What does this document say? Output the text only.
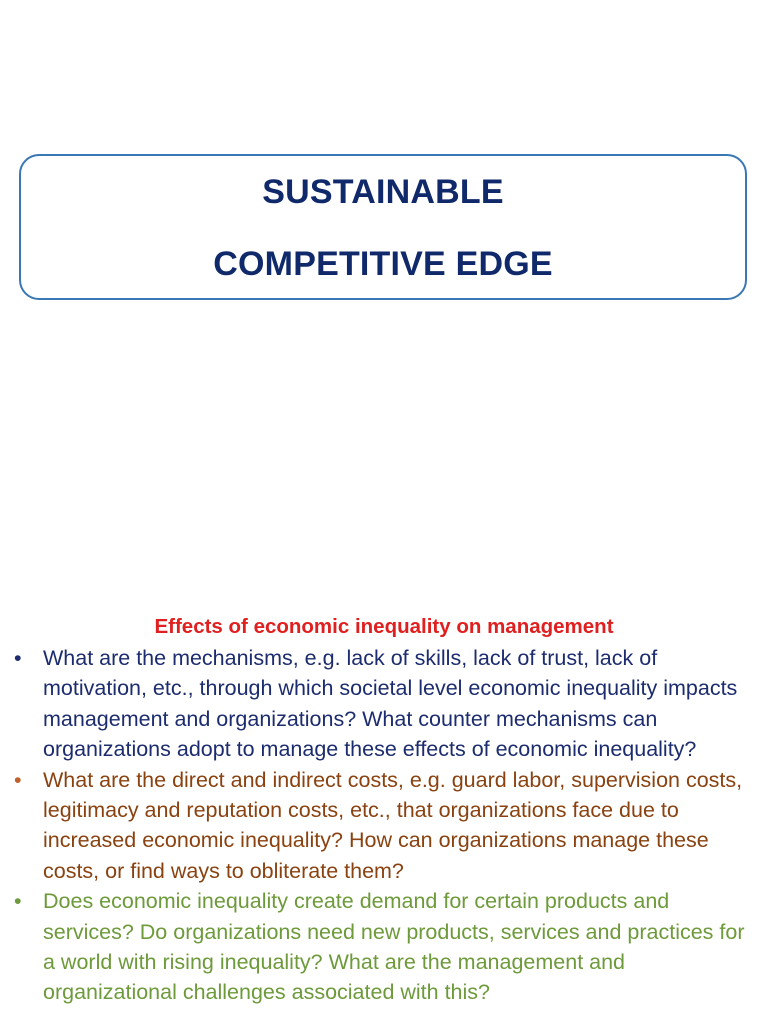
SUSTAINABLE
COMPETITIVE EDGE
Effects of economic inequality on management
• What are the mechanisms, e.g. lack of skills, lack of trust, lack of motivation, etc., through which societal level economic inequality impacts management and organizations? What counter mechanisms can organizations adopt to manage these effects of economic inequality?
• What are the direct and indirect costs, e.g. guard labor, supervision costs, legitimacy and reputation costs, etc., that organizations face due to increased economic inequality? How can organizations manage these costs, or find ways to obliterate them?
• Does economic inequality create demand for certain products and services? Do organizations need new products, services and practices for a world with rising inequality? What are the management and organizational challenges associated with this?
